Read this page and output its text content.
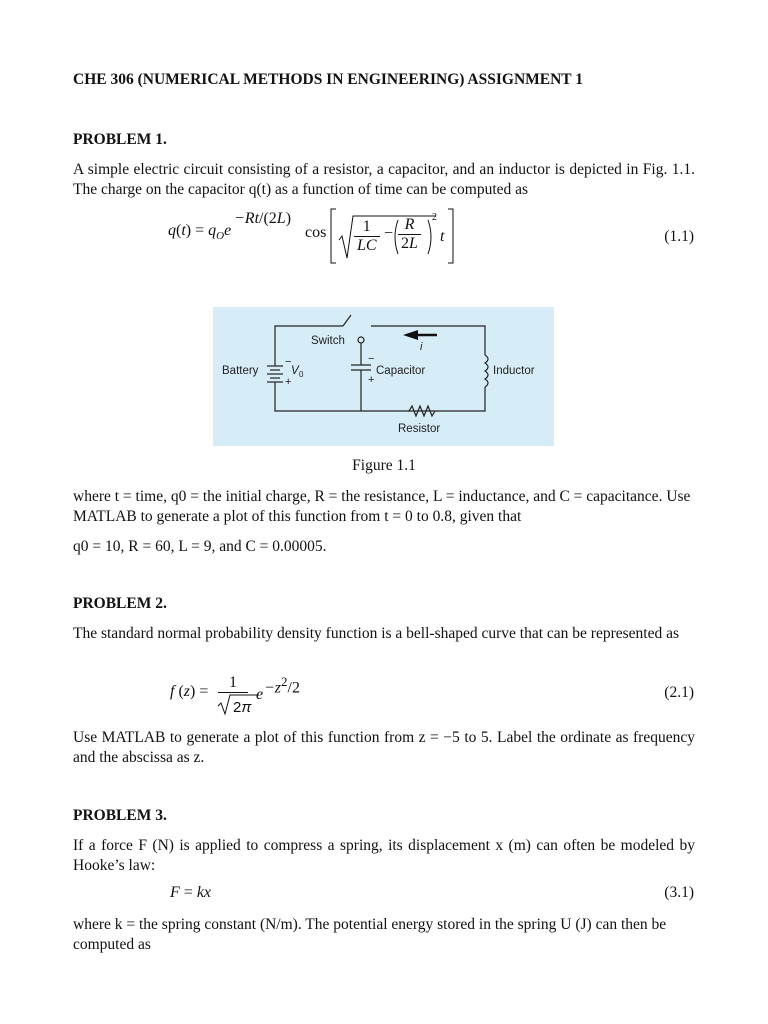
CHE 306 (NUMERICAL METHODS IN ENGINEERING) ASSIGNMENT 1
PROBLEM 1.
A simple electric circuit consisting of a resistor, a capacitor, and an inductor is depicted in Fig. 1.1. The charge on the capacitor q(t) as a function of time can be computed as
$q(t) = q_Oe$
−Rt/(2L)
$\cos \frac{1}{LC} - \frac{R}{2L} 2$
t	(1.1)
Switch	i
Battery	V 0
−
+
−
+
Capacitor	Inductor
Resistor
Figure 1.1
where t = time, q0 = the initial charge, R = the resistance, L = inductance, and C = capacitance. Use MATLAB to generate a plot of this function from t = 0 to 0.8, given that
q0 = 10, R = 60, L = 9, and C = 0.00005.
PROBLEM 2.
The standard normal probability density function is a bell-shaped curve that can be represented as
f (z) =
1

2π
$e -z^2/2$	(2.1)
Use MATLAB to generate a plot of this function from z = −5 to 5. Label the ordinate as frequency and the abscissa as z.
PROBLEM 3.
If a force F (N) is applied to compress a spring, its displacement x (m) can often be modeled by Hooke’s law:
F = kx	(3.1)
where k = the spring constant (N/m). The potential energy stored in the spring U (J) can then be computed as
